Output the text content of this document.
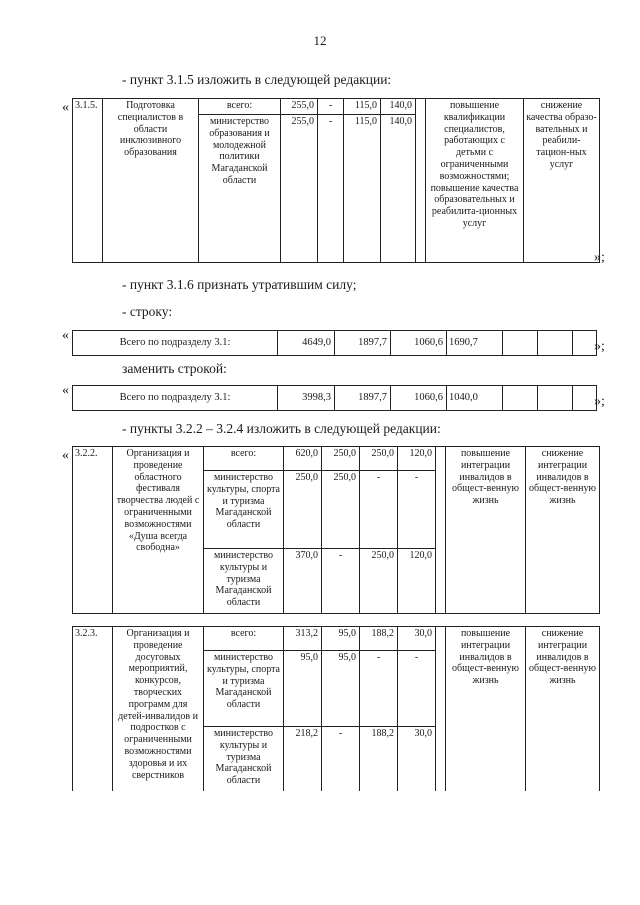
12
- пункт 3.1.5 изложить в следующей редакции:
« 3.1.5.	Подготовка специалистов в области инклюзивного образования	всего:	255,0	-	115,0	140,0		повышение квалификации специалистов, работающих с детьми с ограниченными возможностями; повышение качества образовательных и реабилита-ционных услуг	снижение качества образо-вательных и реабили-тацион-ных услуг
		министерство образования и молодежной политики Магаданской области	255,0	-	115,0	140,0			
»;
- пункт 3.1.6 признать утратившим силу;
- строку:
«	Всего по подразделу 3.1:	4649,0	1897,7	1060,6	1690,7				»;
заменить строкой:
«	Всего по подразделу 3.1:	3998,3	1897,7	1060,6	1040,0				»;
- пункты 3.2.2 – 3.2.4 изложить в следующей редакции:
« 3.2.2.	Организация и проведение областного фестиваля творчества людей с ограниченными возможностями «Душа всегда свободна»	всего:	620,0	250,0	250,0	120,0		повышение интеграции инвалидов в общест-венную жизнь	снижение интеграции инвалидов в общест-венную жизнь
		министерство культуры, спорта и туризма Магаданской области	250,0	250,0	-	-			
		министерство культуры и туризма Магаданской области	370,0	-	250,0	120,0			
3.2.3.	Организация и проведение досуговых мероприятий, конкурсов, творческих программ для детей-инвалидов и подростков с ограниченными возможностями здоровья и их сверстников	всего:	313,2	95,0	188,2	30,0		повышение интеграции инвалидов в общест-венную жизнь	снижение интеграции инвалидов в общест-венную жизнь
		министерство культуры, спорта и туризма Магаданской области	95,0	95,0	-	-			
		министерство культуры и туризма Магаданской области	218,2	-	188,2	30,0			
